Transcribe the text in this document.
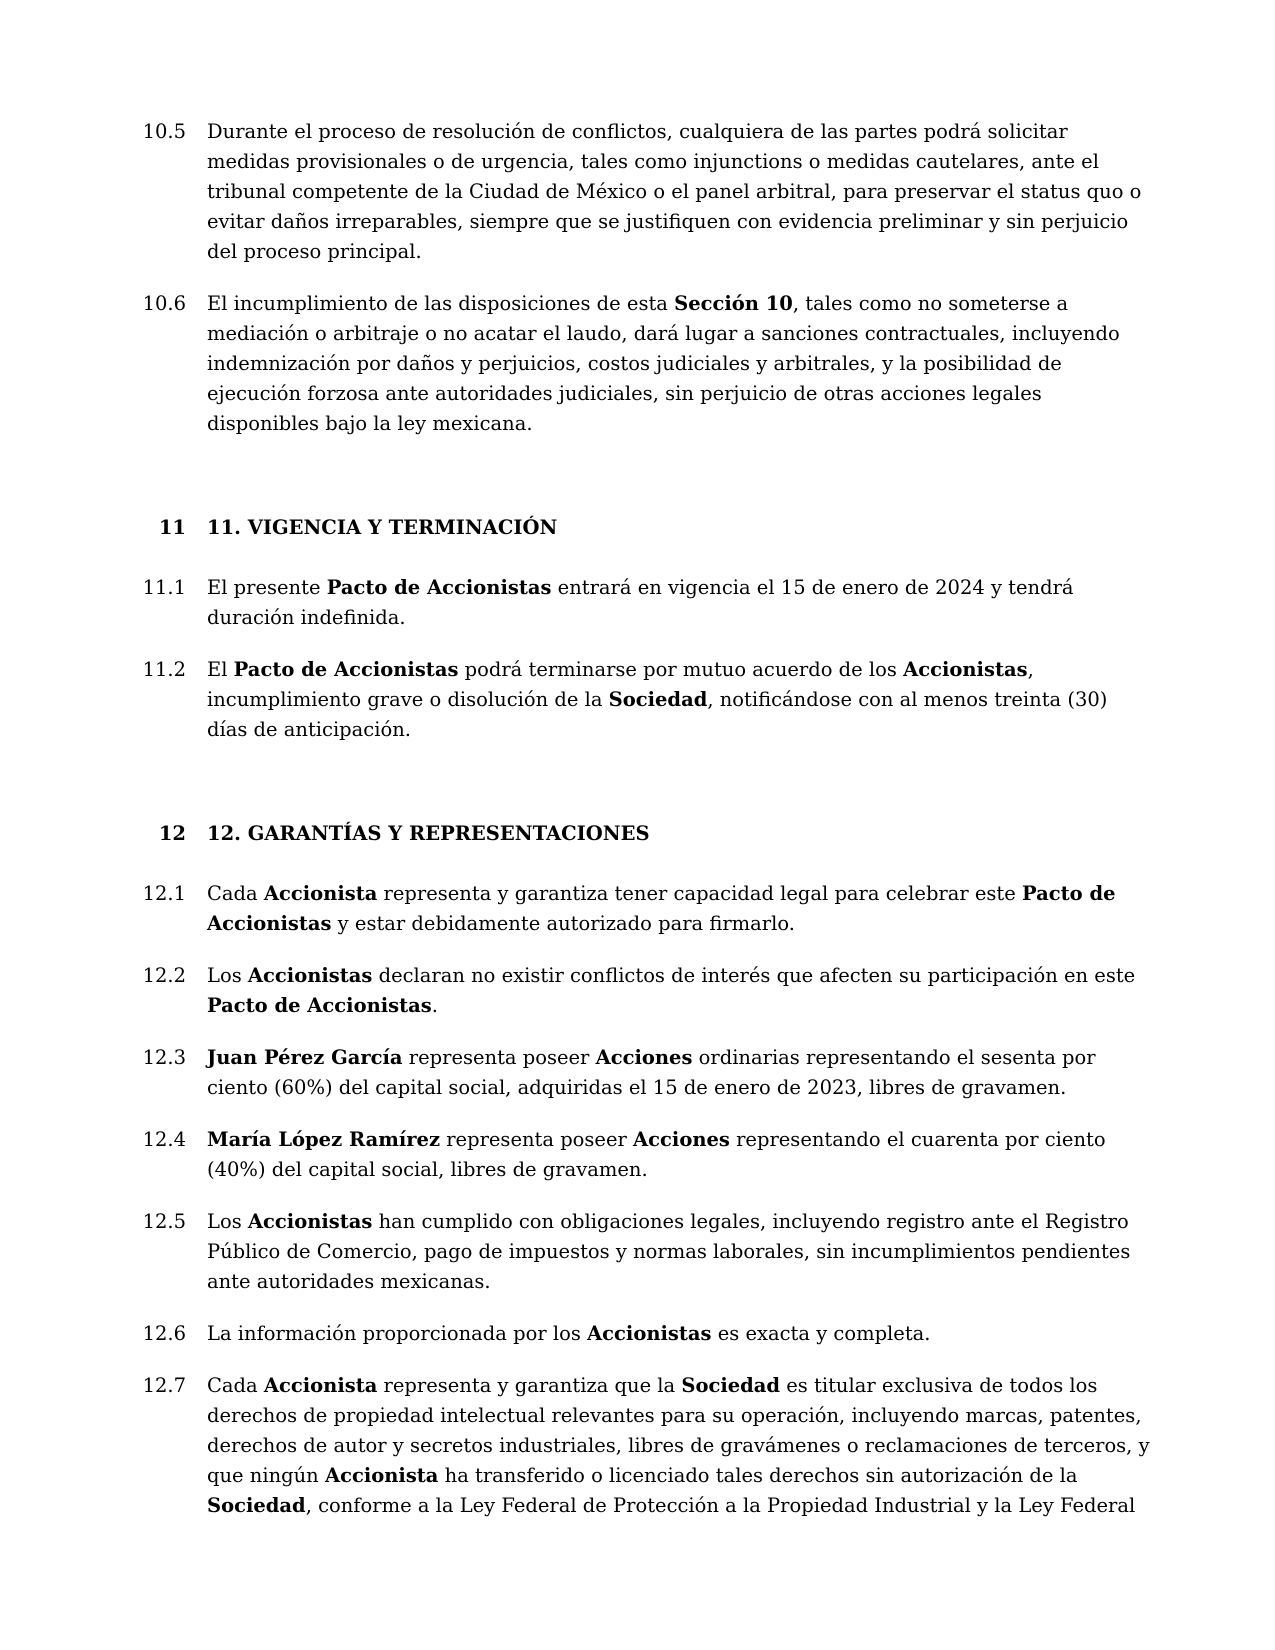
10.5 Durante el proceso de resolución de conflictos, cualquiera de las partes podrá solicitar
medidas provisionales o de urgencia, tales como injunctions o medidas cautelares, ante el
tribunal competente de la Ciudad de México o el panel arbitral, para preservar el status quo o
evitar daños irreparables, siempre que se justifiquen con evidencia preliminar y sin perjuicio
del proceso principal.
10.6 El incumplimiento de las disposiciones de esta Sección 10, tales como no someterse a
mediación o arbitraje o no acatar el laudo, dará lugar a sanciones contractuales, incluyendo
indemnización por daños y perjuicios, costos judiciales y arbitrales, y la posibilidad de
ejecución forzosa ante autoridades judiciales, sin perjuicio de otras acciones legales
disponibles bajo la ley mexicana.
11 11. VIGENCIA Y TERMINACIÓN
11.1 El presente Pacto de Accionistas entrará en vigencia el 15 de enero de 2024 y tendrá
duración indefinida.
11.2 El Pacto de Accionistas podrá terminarse por mutuo acuerdo de los Accionistas,
incumplimiento grave o disolución de la Sociedad, notificándose con al menos treinta (30)
días de anticipación.
12 12. GARANTÍAS Y REPRESENTACIONES
12.1 Cada Accionista representa y garantiza tener capacidad legal para celebrar este Pacto de
Accionistas y estar debidamente autorizado para firmarlo.
12.2 Los Accionistas declaran no existir conflictos de interés que afecten su participación en este
Pacto de Accionistas.
12.3 Juan Pérez García representa poseer Acciones ordinarias representando el sesenta por
ciento (60%) del capital social, adquiridas el 15 de enero de 2023, libres de gravamen.
12.4 María López Ramírez representa poseer Acciones representando el cuarenta por ciento
(40%) del capital social, libres de gravamen.
12.5 Los Accionistas han cumplido con obligaciones legales, incluyendo registro ante el Registro
Público de Comercio, pago de impuestos y normas laborales, sin incumplimientos pendientes
ante autoridades mexicanas.
12.6 La información proporcionada por los Accionistas es exacta y completa.
12.7 Cada Accionista representa y garantiza que la Sociedad es titular exclusiva de todos los
derechos de propiedad intelectual relevantes para su operación, incluyendo marcas, patentes,
derechos de autor y secretos industriales, libres de gravámenes o reclamaciones de terceros, y
que ningún Accionista ha transferido o licenciado tales derechos sin autorización de la
Sociedad, conforme a la Ley Federal de Protección a la Propiedad Industrial y la Ley Federal
